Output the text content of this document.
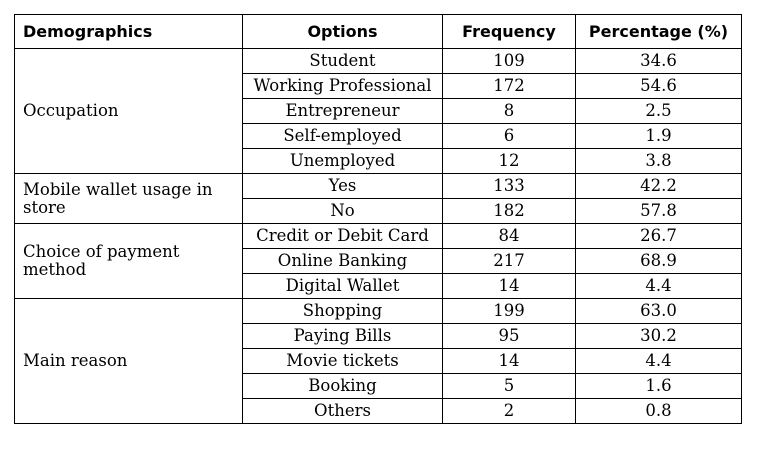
Demographics	Options	Frequency	Percentage (%)
Occupation	Student	109	34.6
	Working Professional	172	54.6
	Entrepreneur	8	2.5
	Self-employed	6	1.9
	Unemployed	12	3.8
Mobile wallet usage in store	Yes	133	42.2
	No	182	57.8
Choice of payment method	Credit or Debit Card	84	26.7
	Online Banking	217	68.9
	Digital Wallet	14	4.4
Main reason	Shopping	199	63.0
	Paying Bills	95	30.2
	Movie tickets	14	4.4
	Booking	5	1.6
	Others	2	0.8
